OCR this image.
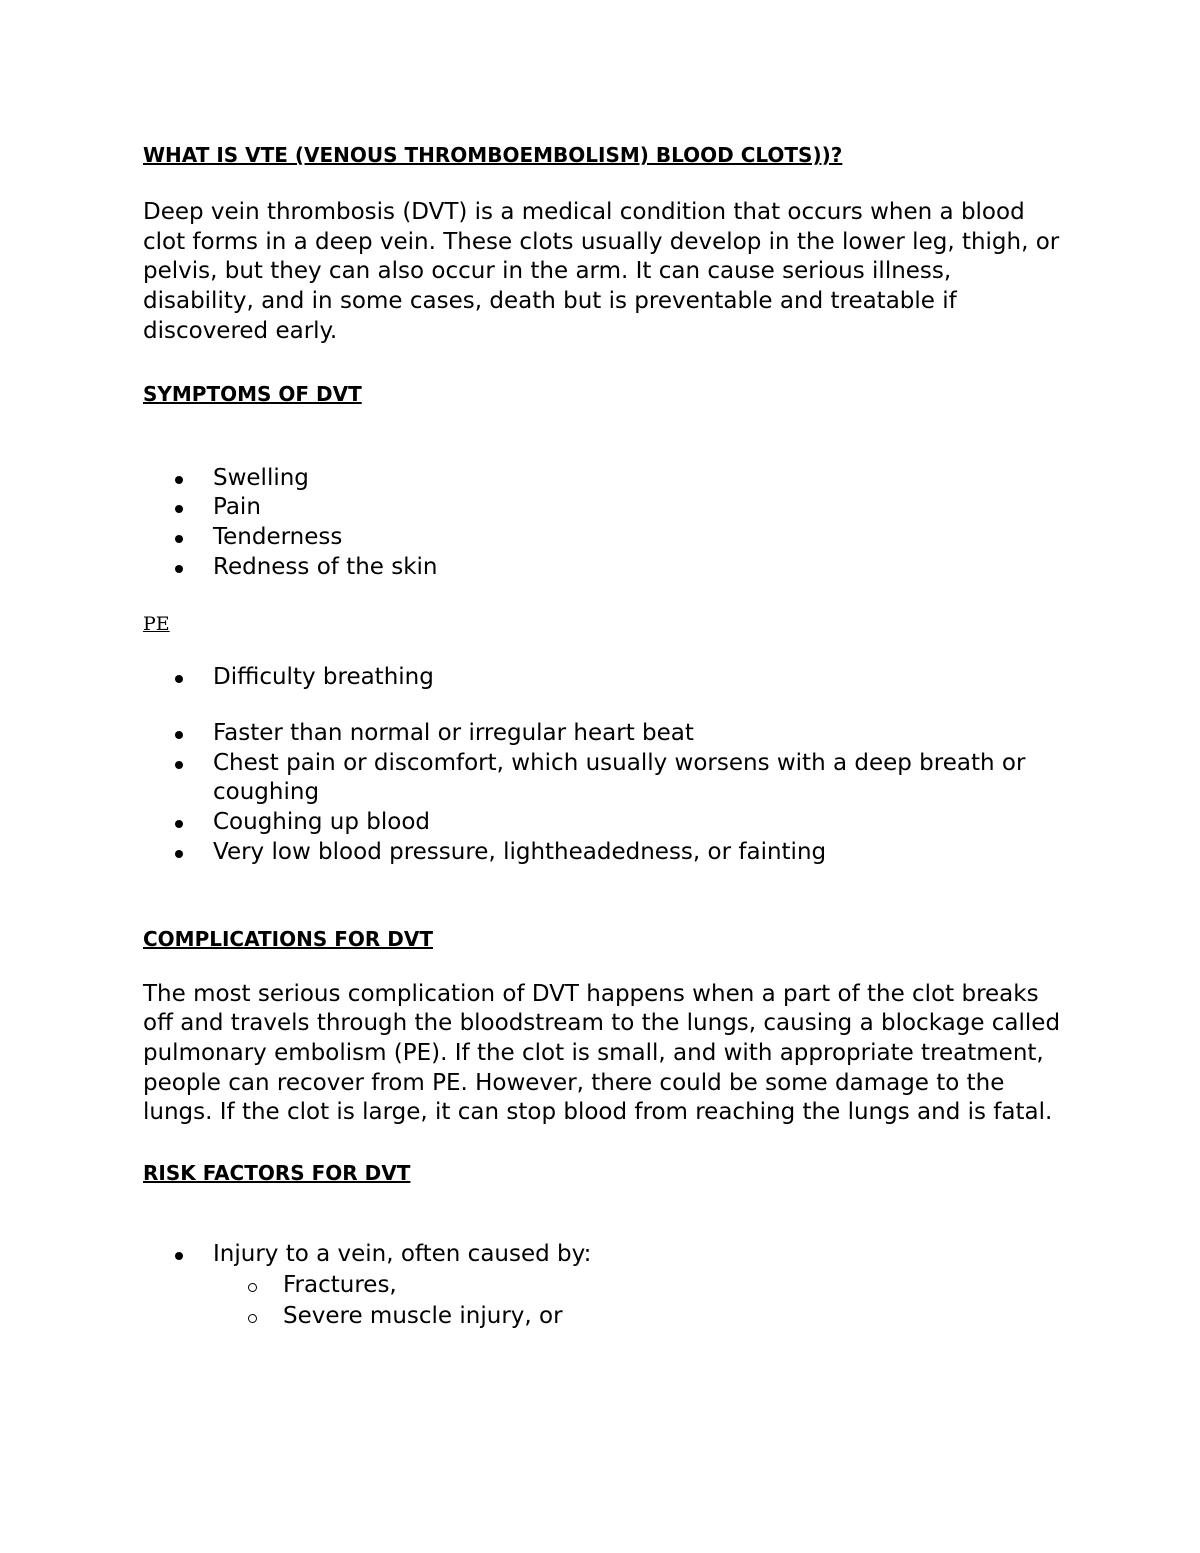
WHAT IS VTE (VENOUS THROMBOEMBOLISM) BLOOD CLOTS))?

Deep vein thrombosis (DVT) is a medical condition that occurs when a blood clot forms in a deep vein. These clots usually develop in the lower leg, thigh, or pelvis, but they can also occur in the arm. It can cause serious illness, disability, and in some cases, death but is preventable and treatable if discovered early.

SYMPTOMS OF DVT

Swelling
Pain
Tenderness
Redness of the skin

PE

Difficulty breathing
Faster than normal or irregular heart beat
Chest pain or discomfort, which usually worsens with a deep breath or coughing
Coughing up blood
Very low blood pressure, lightheadedness, or fainting

COMPLICATIONS FOR DVT

The most serious complication of DVT happens when a part of the clot breaks off and travels through the bloodstream to the lungs, causing a blockage called pulmonary embolism (PE). If the clot is small, and with appropriate treatment, people can recover from PE. However, there could be some damage to the lungs. If the clot is large, it can stop blood from reaching the lungs and is fatal.

RISK FACTORS FOR DVT

Injury to a vein, often caused by:
Fractures,
Severe muscle injury, or
